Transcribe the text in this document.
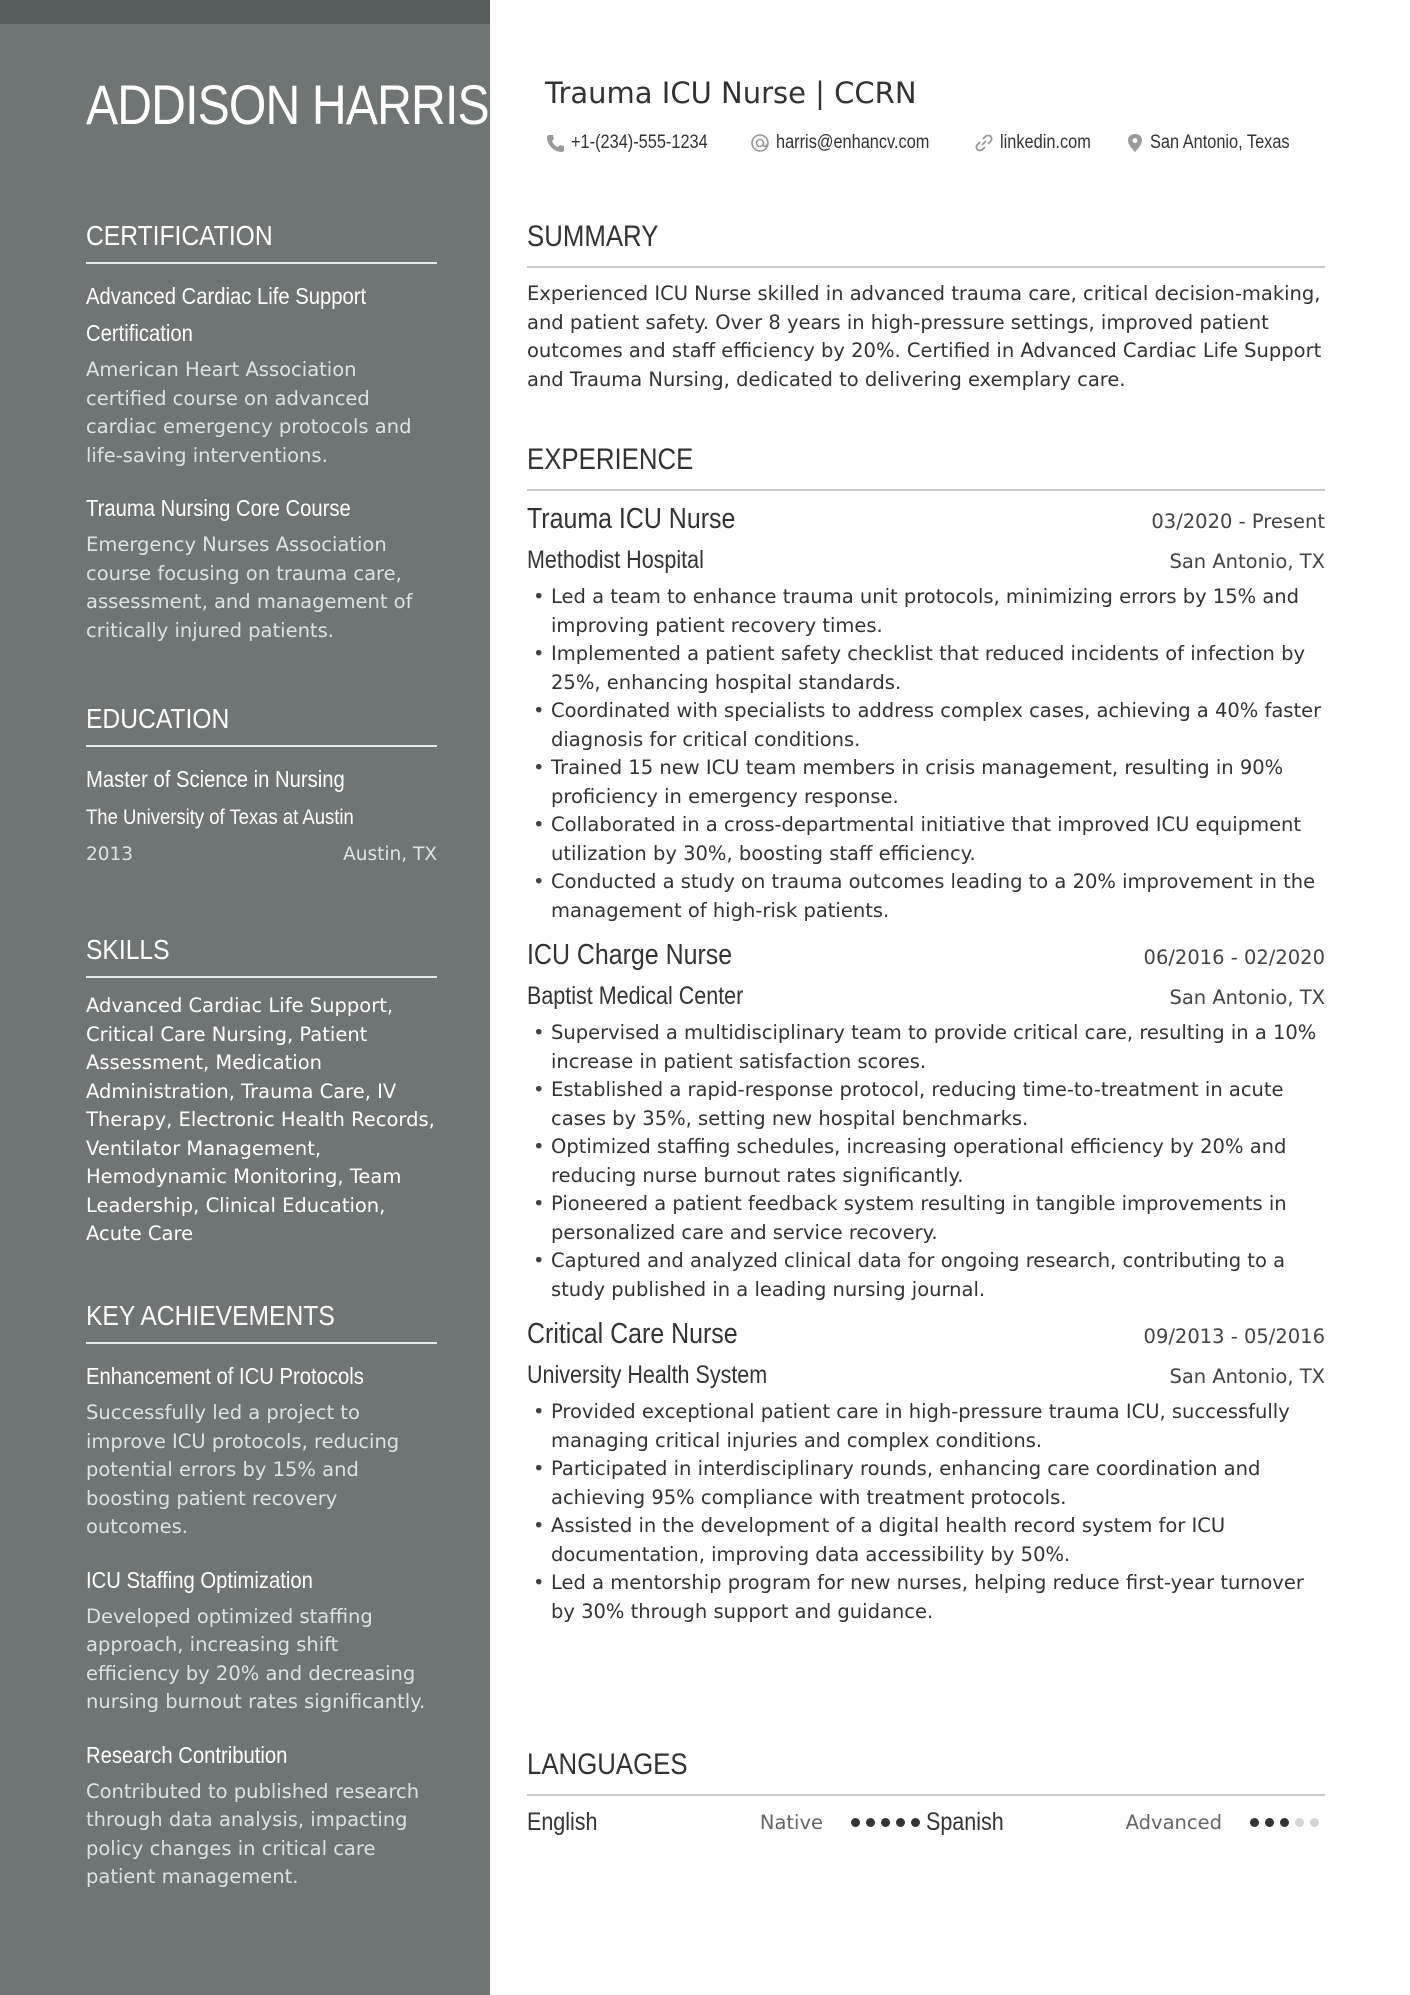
ADDISON HARRIS
CERTIFICATION
Advanced Cardiac Life Support Certification
American Heart Association certified course on advanced cardiac emergency protocols and life-saving interventions.
Trauma Nursing Core Course
Emergency Nurses Association course focusing on trauma care, assessment, and management of critically injured patients.
EDUCATION
Master of Science in Nursing
The University of Texas at Austin
2013	Austin, TX
SKILLS
Advanced Cardiac Life Support, Critical Care Nursing, Patient Assessment, Medication Administration, Trauma Care, IV Therapy, Electronic Health Records, Ventilator Management, Hemodynamic Monitoring, Team Leadership, Clinical Education, Acute Care
KEY ACHIEVEMENTS
Enhancement of ICU Protocols
Successfully led a project to improve ICU protocols, reducing potential errors by 15% and boosting patient recovery outcomes.
ICU Staffing Optimization
Developed optimized staffing approach, increasing shift efficiency by 20% and decreasing nursing burnout rates significantly.
Research Contribution
Contributed to published research through data analysis, impacting policy changes in critical care patient management.
Trauma ICU Nurse | CCRN
+1-(234)-555-1234	harris@enhancv.com	linkedin.com	San Antonio, Texas
SUMMARY
Experienced ICU Nurse skilled in advanced trauma care, critical decision-making, and patient safety. Over 8 years in high-pressure settings, improved patient outcomes and staff efficiency by 20%. Certified in Advanced Cardiac Life Support and Trauma Nursing, dedicated to delivering exemplary care.
EXPERIENCE
Trauma ICU Nurse	03/2020 - Present
Methodist Hospital	San Antonio, TX
• Led a team to enhance trauma unit protocols, minimizing errors by 15% and improving patient recovery times.
• Implemented a patient safety checklist that reduced incidents of infection by 25%, enhancing hospital standards.
• Coordinated with specialists to address complex cases, achieving a 40% faster diagnosis for critical conditions.
• Trained 15 new ICU team members in crisis management, resulting in 90% proficiency in emergency response.
• Collaborated in a cross-departmental initiative that improved ICU equipment utilization by 30%, boosting staff efficiency.
• Conducted a study on trauma outcomes leading to a 20% improvement in the management of high-risk patients.
ICU Charge Nurse	06/2016 - 02/2020
Baptist Medical Center	San Antonio, TX
• Supervised a multidisciplinary team to provide critical care, resulting in a 10% increase in patient satisfaction scores.
• Established a rapid-response protocol, reducing time-to-treatment in acute cases by 35%, setting new hospital benchmarks.
• Optimized staffing schedules, increasing operational efficiency by 20% and reducing nurse burnout rates significantly.
• Pioneered a patient feedback system resulting in tangible improvements in personalized care and service recovery.
• Captured and analyzed clinical data for ongoing research, contributing to a study published in a leading nursing journal.
Critical Care Nurse	09/2013 - 05/2016
University Health System	San Antonio, TX
• Provided exceptional patient care in high-pressure trauma ICU, successfully managing critical injuries and complex conditions.
• Participated in interdisciplinary rounds, enhancing care coordination and achieving 95% compliance with treatment protocols.
• Assisted in the development of a digital health record system for ICU documentation, improving data accessibility by 50%.
• Led a mentorship program for new nurses, helping reduce first-year turnover by 30% through support and guidance.
LANGUAGES
English	Native	Spanish	Advanced
